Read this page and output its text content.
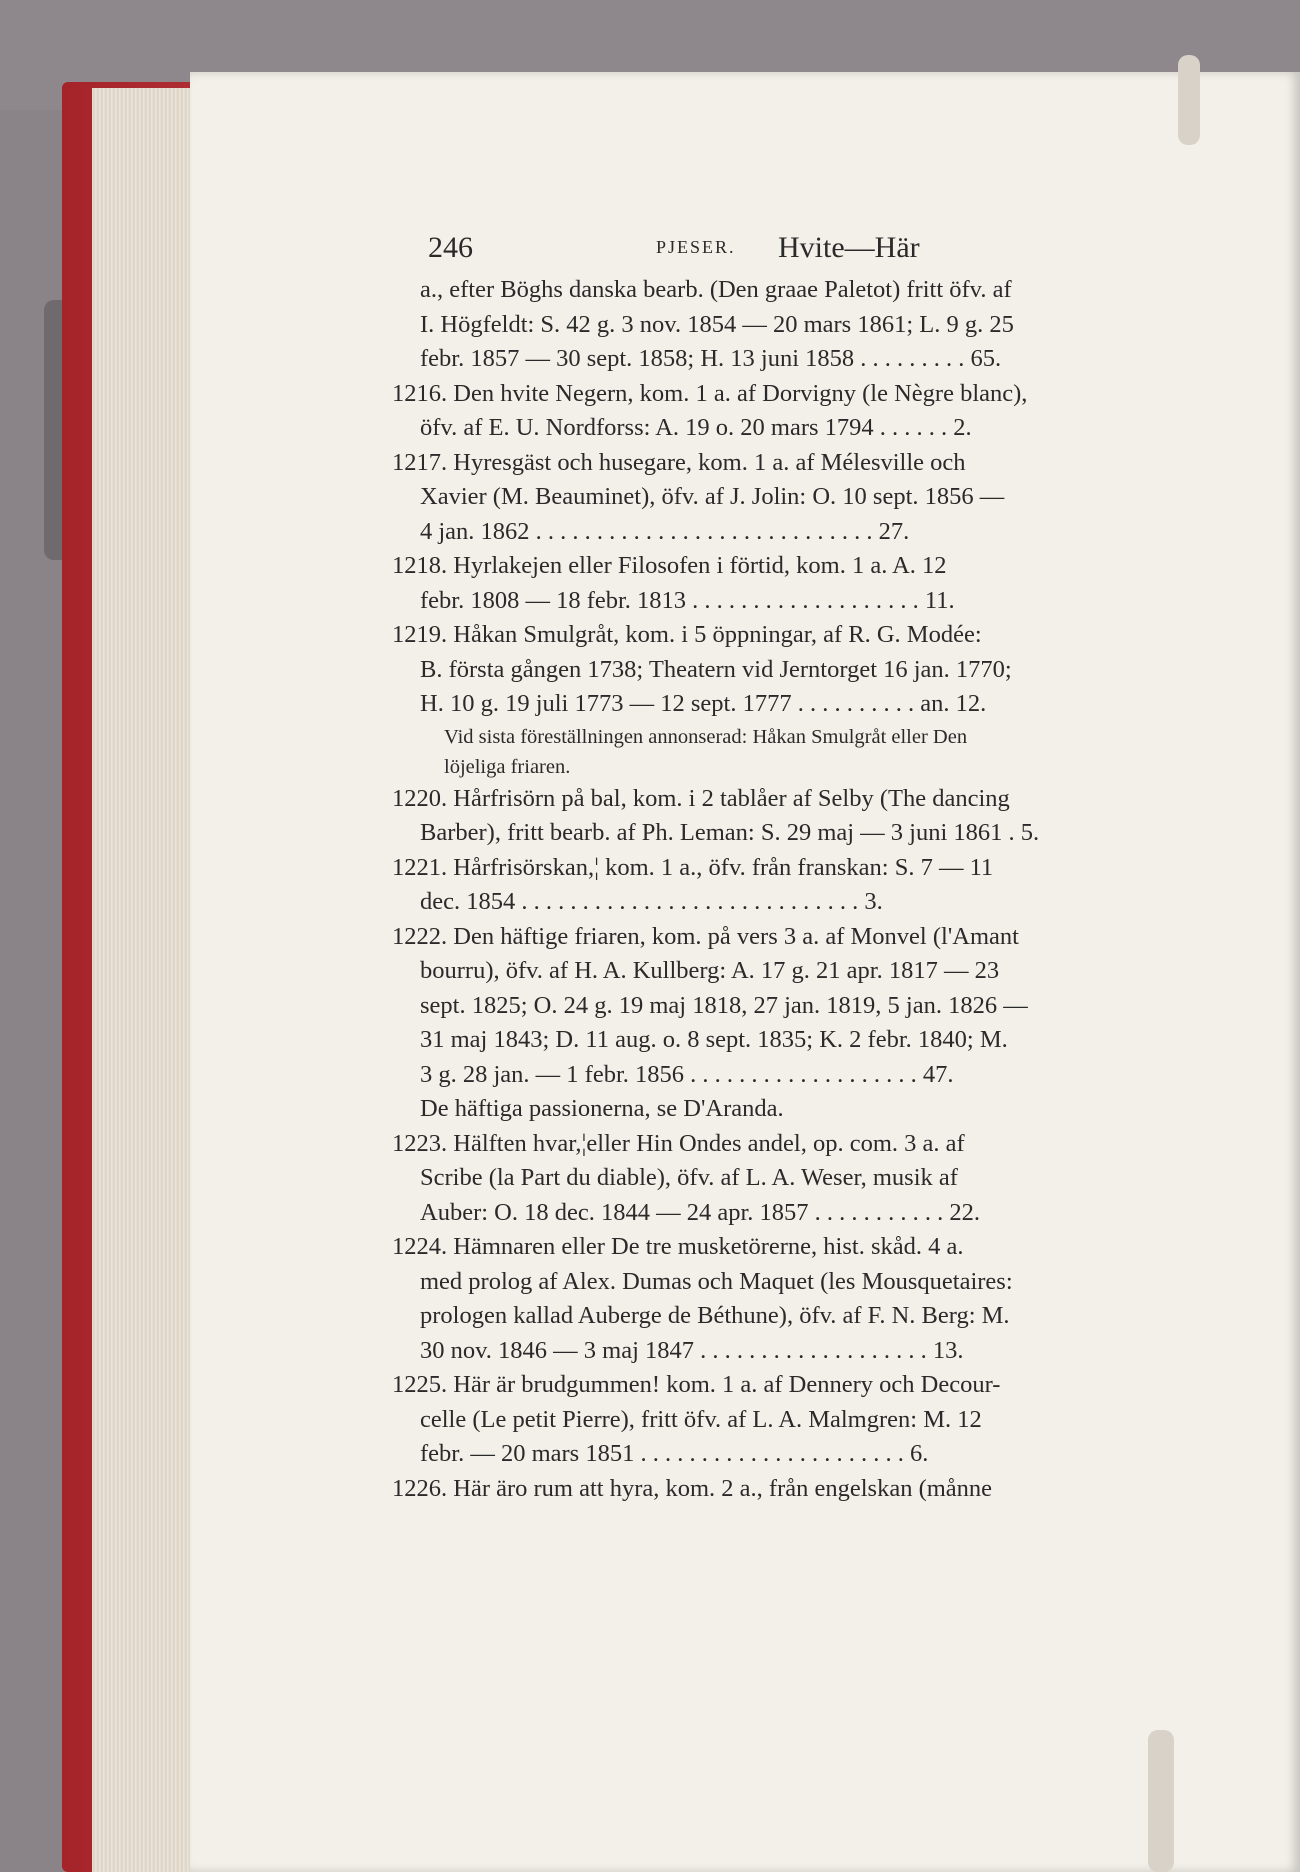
246	PJESER. Hvite—Här
a., efter Böghs danska bearb. (Den graae Paletot) fritt öfv. af
I. Högfeldt: S. 42 g. 3 nov. 1854 — 20 mars 1861; L. 9 g. 25
febr. 1857 — 30 sept. 1858; H. 13 juni 1858 . . . . . . . . . 65.
1216. Den hvite Negern, kom. 1 a. af Dorvigny (le Nègre blanc),
öfv. af E. U. Nordforss: A. 19 o. 20 mars 1794 . . . . . . 2.
1217. Hyresgäst och husegare, kom. 1 a. af Mélesville och
Xavier (M. Beauminet), öfv. af J. Jolin: O. 10 sept. 1856 —
4 jan. 1862 . . . . . . . . . . . . . . . . . . . . . . . . . . . . 27.
1218. Hyrlakejen eller Filosofen i förtid, kom. 1 a. A. 12
febr. 1808 — 18 febr. 1813 . . . . . . . . . . . . . . . . . . . 11.
1219. Håkan Smulgråt, kom. i 5 öppningar, af R. G. Modée:
B. första gången 1738; Theatern vid Jerntorget 16 jan. 1770;
H. 10 g. 19 juli 1773 — 12 sept. 1777 . . . . . . . . . . an. 12.
Vid sista föreställningen annonserad: Håkan Smulgråt eller Den
löjeliga friaren.
1220. Hårfrisörn på bal, kom. i 2 tablåer af Selby (The dancing
Barber), fritt bearb. af Ph. Leman: S. 29 maj — 3 juni 1861 . 5.
1221. Hårfrisörskan,¦ kom. 1 a., öfv. från franskan: S. 7 — 11
dec. 1854 . . . . . . . . . . . . . . . . . . . . . . . . . . . . 3.
1222. Den häftige friaren, kom. på vers 3 a. af Monvel (l'Amant
bourru), öfv. af H. A. Kullberg: A. 17 g. 21 apr. 1817 — 23
sept. 1825; O. 24 g. 19 maj 1818, 27 jan. 1819, 5 jan. 1826 —
31 maj 1843; D. 11 aug. o. 8 sept. 1835; K. 2 febr. 1840; M.
3 g. 28 jan. — 1 febr. 1856 . . . . . . . . . . . . . . . . . . . 47.
De häftiga passionerna, se D'Aranda.
1223. Hälften hvar,¦eller Hin Ondes andel, op. com. 3 a. af
Scribe (la Part du diable), öfv. af L. A. Weser, musik af
Auber: O. 18 dec. 1844 — 24 apr. 1857 . . . . . . . . . . . 22.
1224. Hämnaren eller De tre musketörerne, hist. skåd. 4 a.
med prolog af Alex. Dumas och Maquet (les Mousquetaires:
prologen kallad Auberge de Béthune), öfv. af F. N. Berg: M.
30 nov. 1846 — 3 maj 1847 . . . . . . . . . . . . . . . . . . . 13.
1225. Här är brudgummen! kom. 1 a. af Dennery och Decour-
celle (Le petit Pierre), fritt öfv. af L. A. Malmgren: M. 12
febr. — 20 mars 1851 . . . . . . . . . . . . . . . . . . . . . . 6.
1226. Här äro rum att hyra, kom. 2 a., från engelskan (månne
